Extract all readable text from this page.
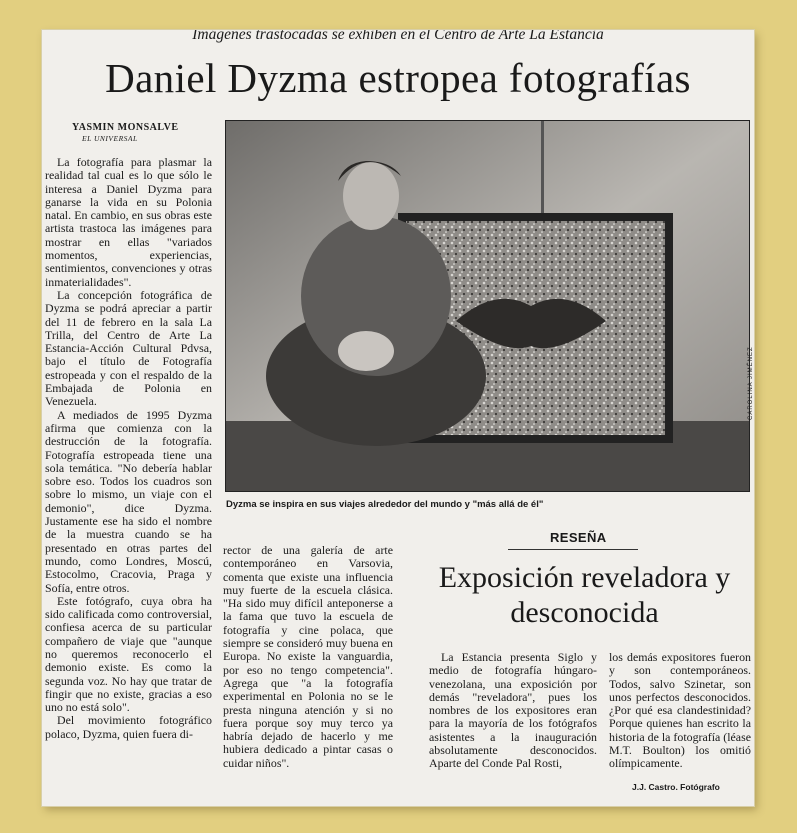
Imágenes trastocadas se exhiben en el Centro de Arte La Estancia
Daniel Dyzma estropea fotografías
YASMIN MONSALVE
EL UNIVERSAL

La fotografía para plasmar la realidad tal cual es lo que sólo le interesa a Daniel Dyzma para ganarse la vida en su Polonia natal. En cambio, en sus obras este artista trastoca las imágenes para mostrar en ellas "variados momentos, experiencias, sentimientos, convenciones y otras inmaterialidades".

La concepción fotográfica de Dyzma se podrá apreciar a partir del 11 de febrero en la sala La Trilla, del Centro de Arte La Estancia-Acción Cultural Pdvsa, bajo el título de Fotografía estropeada y con el respaldo de la Embajada de Polonia en Venezuela.

A mediados de 1995 Dyzma afirma que comienza con la destrucción de la fotografía. Fotografía estropeada tiene una sola temática. "No debería hablar sobre eso. Todos los cuadros son sobre lo mismo, un viaje con el demonio", dice Dyzma. Justamente ese ha sido el nombre de la muestra cuando se ha presentado en otras partes del mundo, como Londres, Moscú, Estocolmo, Cracovia, Praga y Sofía, entre otros.

Este fotógrafo, cuya obra ha sido calificada como controversial, confiesa acerca de su particular compañero de viaje que "aunque no queremos reconocerlo el demonio existe. Es como la segunda voz. No hay que tratar de fingir que no existe, gracias a eso uno no está solo".

Del movimiento fotográfico polaco, Dyzma, quien fuera di-

CAROLINA JIMÉNEZ
Dyzma se inspira en sus viajes alrededor del mundo y "más allá de él"

rector de una galería de arte contemporáneo en Varsovia, comenta que existe una influencia muy fuerte de la escuela clásica. "Ha sido muy difícil anteponerse a la fama que tuvo la escuela de fotografía y cine polaca, que siempre se consideró muy buena en Europa. No existe la vanguardia, por eso no tengo competencia". Agrega que "a la fotografía experimental en Polonia no se le presta ninguna atención y si no fuera porque soy muy terco ya habría dejado de hacerlo y me hubiera dedicado a pintar casas o cuidar niños".

RESEÑA
Exposición reveladora y desconocida

La Estancia presenta Siglo y medio de fotografía húngaro-venezolana, una exposición por demás "reveladora", pues los nombres de los expositores eran para la mayoría de los fotógrafos asistentes a la inauguración absolutamente desconocidos. Aparte del Conde Pal Rosti,

los demás expositores fueron y son contemporáneos. Todos, salvo Szinetar, son unos perfectos desconocidos. ¿Por qué esa clandestinidad? Porque quienes han escrito la historia de la fotografía (léase M.T. Boulton) los omitió olímpicamente.

J.J. Castro. Fotógrafo
